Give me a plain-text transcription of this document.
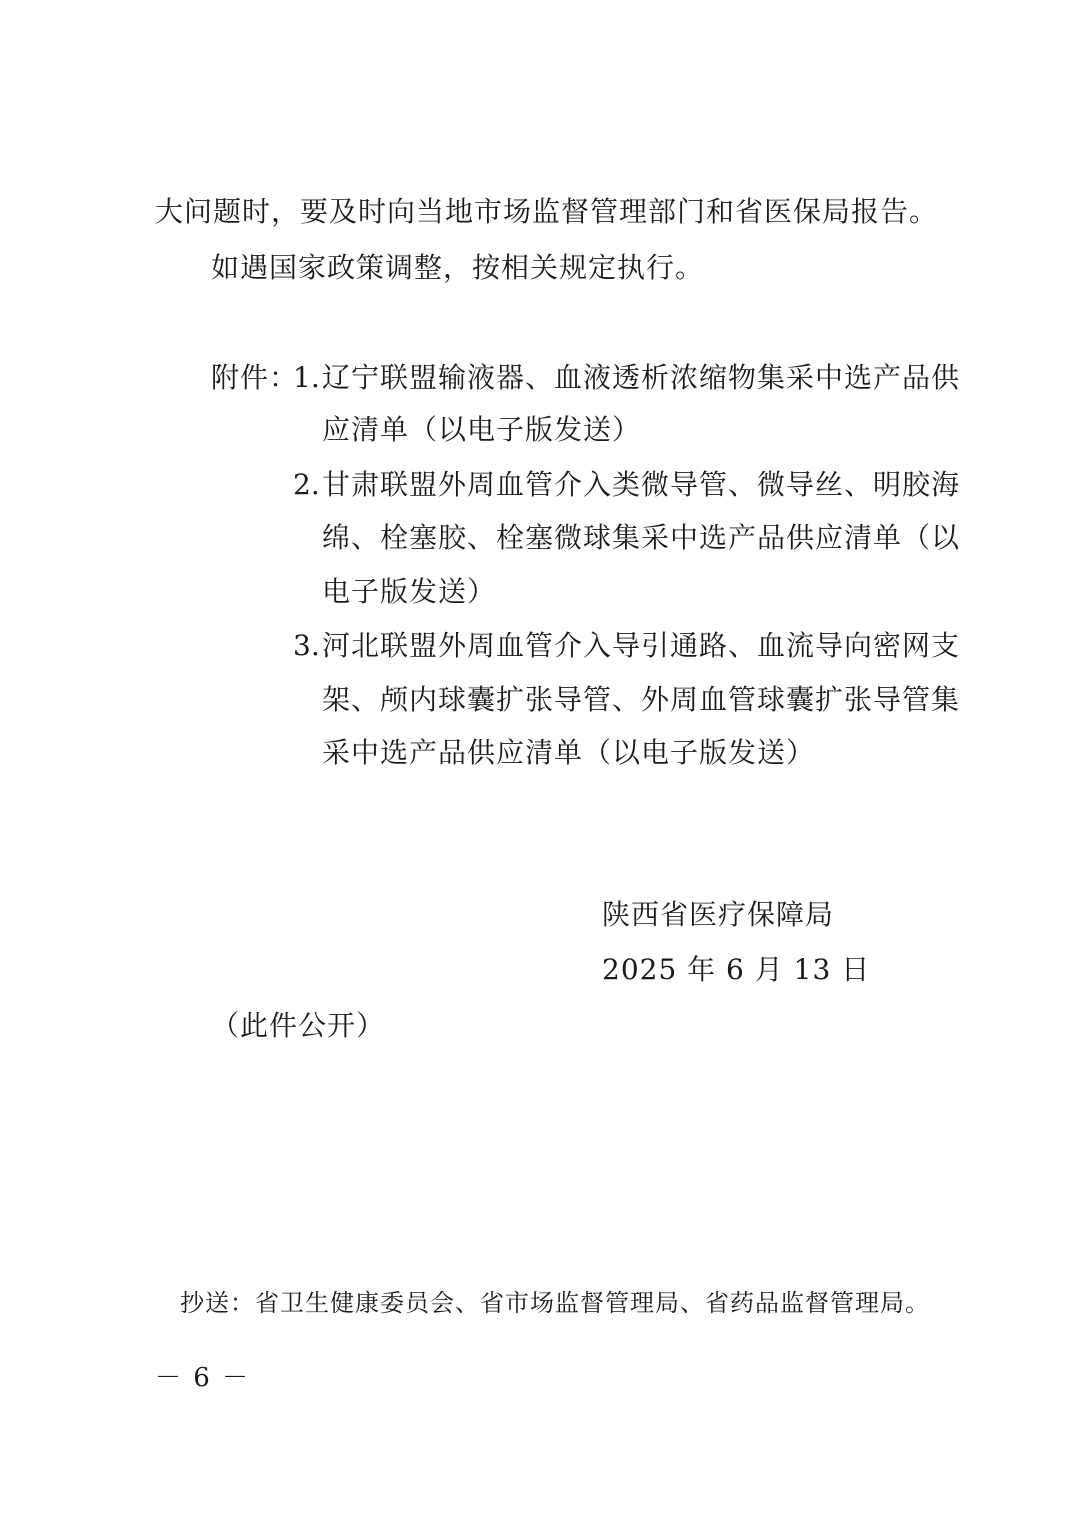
大问题时，要及时向当地市场监督管理部门和省医保局报告。
如遇国家政策调整，按相关规定执行。
附件：
1. 辽宁联盟输液器、血液透析浓缩物集采中选产品供
应清单（以电子版发送）
2. 甘肃联盟外周血管介入类微导管、微导丝、明胶海
绵、栓塞胶、栓塞微球集采中选产品供应清单（以
电子版发送）
3. 河北联盟外周血管介入导引通路、血流导向密网支
架、颅内球囊扩张导管、外周血管球囊扩张导管集
采中选产品供应清单（以电子版发送）
陕西省医疗保障局
2025 年 6 月 13 日
（此件公开）
抄送：省卫生健康委员会、省市场监督管理局、省药品监督管理局。
－ 6 －
